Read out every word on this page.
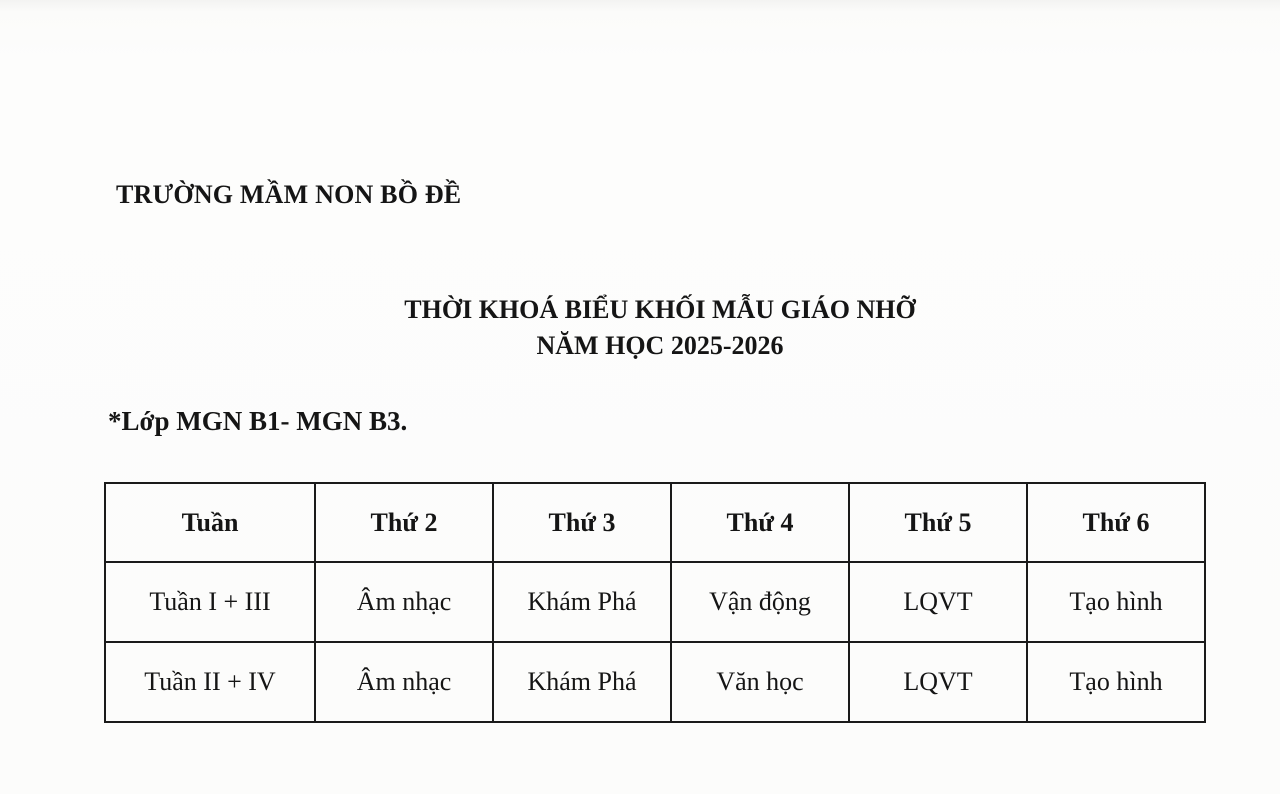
TRƯỜNG MẦM NON BỒ ĐỀ
THỜI KHOÁ BIỂU KHỐI MẪU GIÁO NHỠ
NĂM HỌC 2025-2026
*Lớp MGN B1- MGN B3.
Tuần	Thứ 2	Thứ 3	Thứ 4	Thứ 5	Thứ 6
Tuần I + III	Âm nhạc	Khám Phá	Vận động	LQVT	Tạo hình
Tuần II + IV	Âm nhạc	Khám Phá	Văn học	LQVT	Tạo hình
